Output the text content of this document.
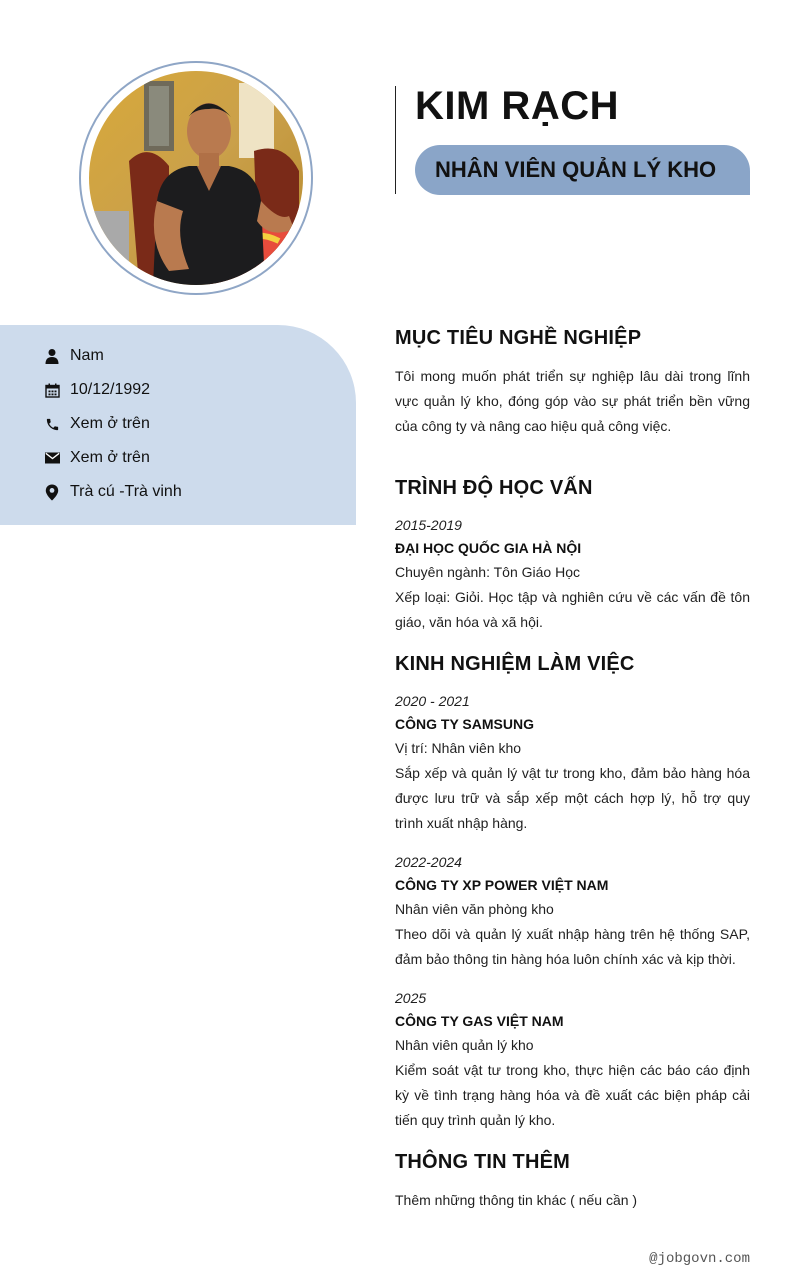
KIM RẠCH
NHÂN VIÊN QUẢN LÝ KHO
Nam
10/12/1992
Xem ở trên
Xem ở trên
Trà cú -Trà vinh
MỤC TIÊU NGHỀ NGHIỆP

Tôi mong muốn phát triển sự nghiệp lâu dài trong lĩnh vực quản lý kho, đóng góp vào sự phát triển bền vững của công ty và nâng cao hiệu quả công việc.

TRÌNH ĐỘ HỌC VẤN
2015-2019
ĐẠI HỌC QUỐC GIA HÀ NỘI
Chuyên ngành: Tôn Giáo Học

Xếp loại: Giỏi. Học tập và nghiên cứu về các vấn đề tôn giáo, văn hóa và xã hội.

KINH NGHIỆM LÀM VIỆC
2020 - 2021
CÔNG TY SAMSUNG
Vị trí: Nhân viên kho

Sắp xếp và quản lý vật tư trong kho, đảm bảo hàng hóa được lưu trữ và sắp xếp một cách hợp lý, hỗ trợ quy trình xuất nhập hàng.

2022-2024
CÔNG TY XP POWER VIỆT NAM
Nhân viên văn phòng kho

Theo dõi và quản lý xuất nhập hàng trên hệ thống SAP, đảm bảo thông tin hàng hóa luôn chính xác và kịp thời.

2025
CÔNG TY GAS VIỆT NAM
Nhân viên quản lý kho

Kiểm soát vật tư trong kho, thực hiện các báo cáo định kỳ về tình trạng hàng hóa và đề xuất các biện pháp cải tiến quy trình quản lý kho.

THÔNG TIN THÊM
Thêm những thông tin khác ( nếu cần )
@jobgovn.com
